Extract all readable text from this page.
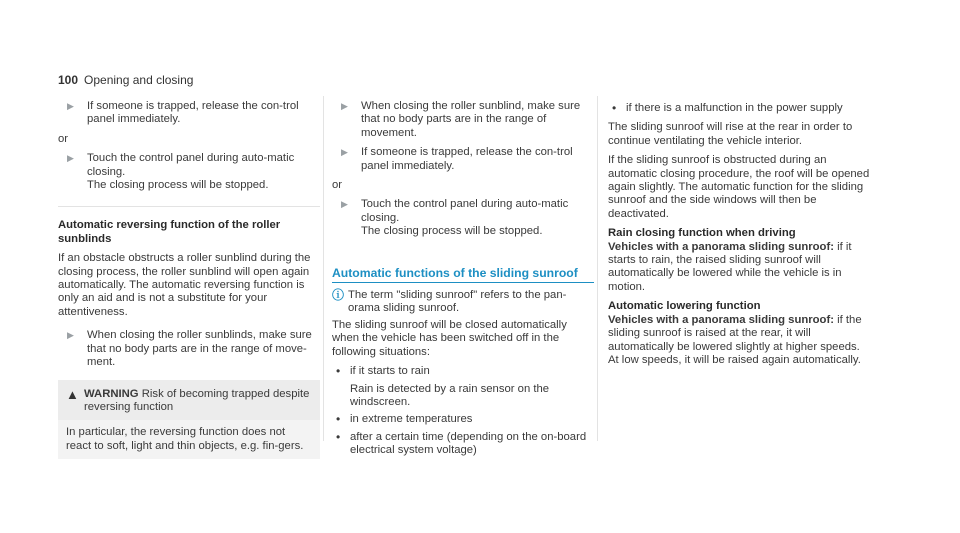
100 Opening and closing
▶	If someone is trapped, release the con-trol panel immediately.

or

▶	Touch the control panel during auto-matic closing.
The closing process will be stopped.

Automatic reversing function of the roller sunblinds

If an obstacle obstructs a roller sunblind during the closing process, the roller sunblind will open again automatically. The automatic reversing function is only an aid and is not a substitute for your attentiveness.

▶	When closing the roller sunblinds, make sure that no body parts are in the range of move-ment.
▲ WARNING Risk of becoming trapped despite reversing function
In particular, the reversing function does not react to soft, light and thin objects, e.g. fin-gers.
▶	When closing the roller sunblind, make sure that no body parts are in the range of movement.
▶	If someone is trapped, release the con-trol panel immediately.

or

▶	Touch the control panel during auto-matic closing.
The closing process will be stopped.
Automatic functions of the sliding sunroof
ⓘ The term "sliding sunroof" refers to the pan-orama sliding sunroof.

The sliding sunroof will be closed automatically when the vehicle has been switched off in the following situations:

• if it starts to rain

Rain is detected by a rain sensor on the windscreen.
• in extreme temperatures
• after a certain time (depending on the on-board electrical system voltage)
• if there is a malfunction in the power supply

The sliding sunroof will rise at the rear in order to continue ventilating the vehicle interior.

If the sliding sunroof is obstructed during an automatic closing procedure, the roof will be opened again slightly. The automatic function for the sliding sunroof and the side windows will then be deactivated.

Rain closing function when driving

Vehicles with a panorama sliding sunroof: if it starts to rain, the raised sliding sunroof will automatically be lowered while the vehicle is in motion.

Automatic lowering function

Vehicles with a panorama sliding sunroof: if the sliding sunroof is raised at the rear, it will automatically be lowered slightly at higher speeds. At low speeds, it will be raised again automatically.
